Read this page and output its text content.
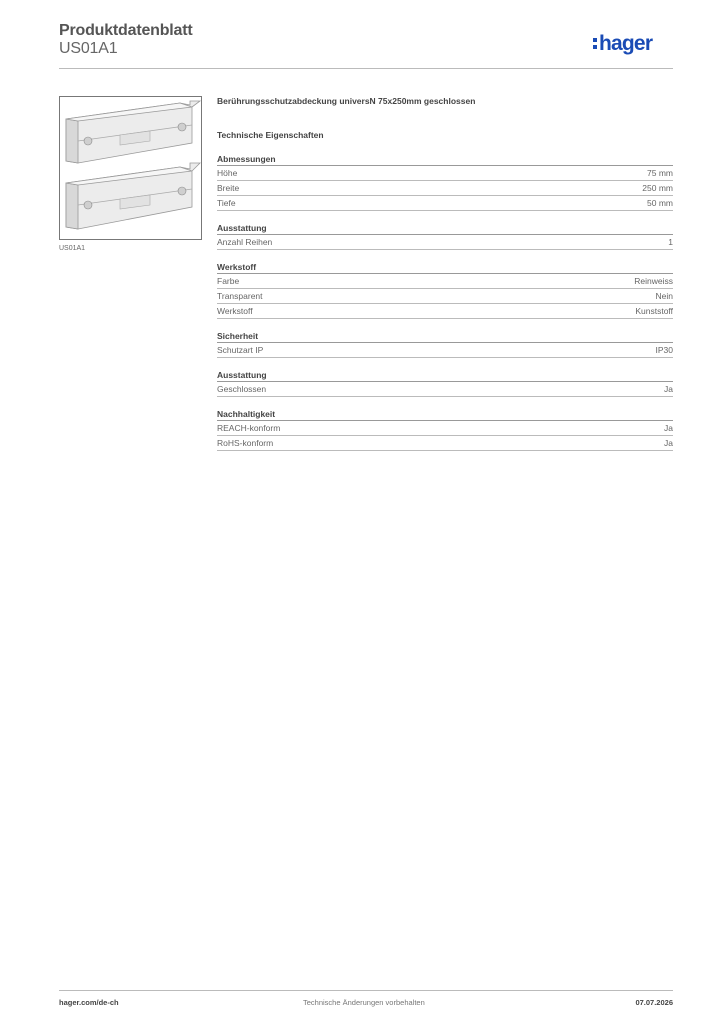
Produktdatenblatt
US01A1	hager
US01A1
Berührungsschutzabdeckung universN 75x250mm geschlossen
Technische Eigenschaften
Abmessungen
Höhe	75 mm
Breite	250 mm
Tiefe	50 mm
Ausstattung
Anzahl Reihen	1
Werkstoff
Farbe	Reinweiss
Transparent	Nein
Werkstoff	Kunststoff
Sicherheit
Schutzart IP	IP30
Ausstattung
Geschlossen	Ja
Nachhaltigkeit
REACH-konform	Ja
RoHS-konform	Ja
hager.com/de-ch	Technische Änderungen vorbehalten	07.07.2026
